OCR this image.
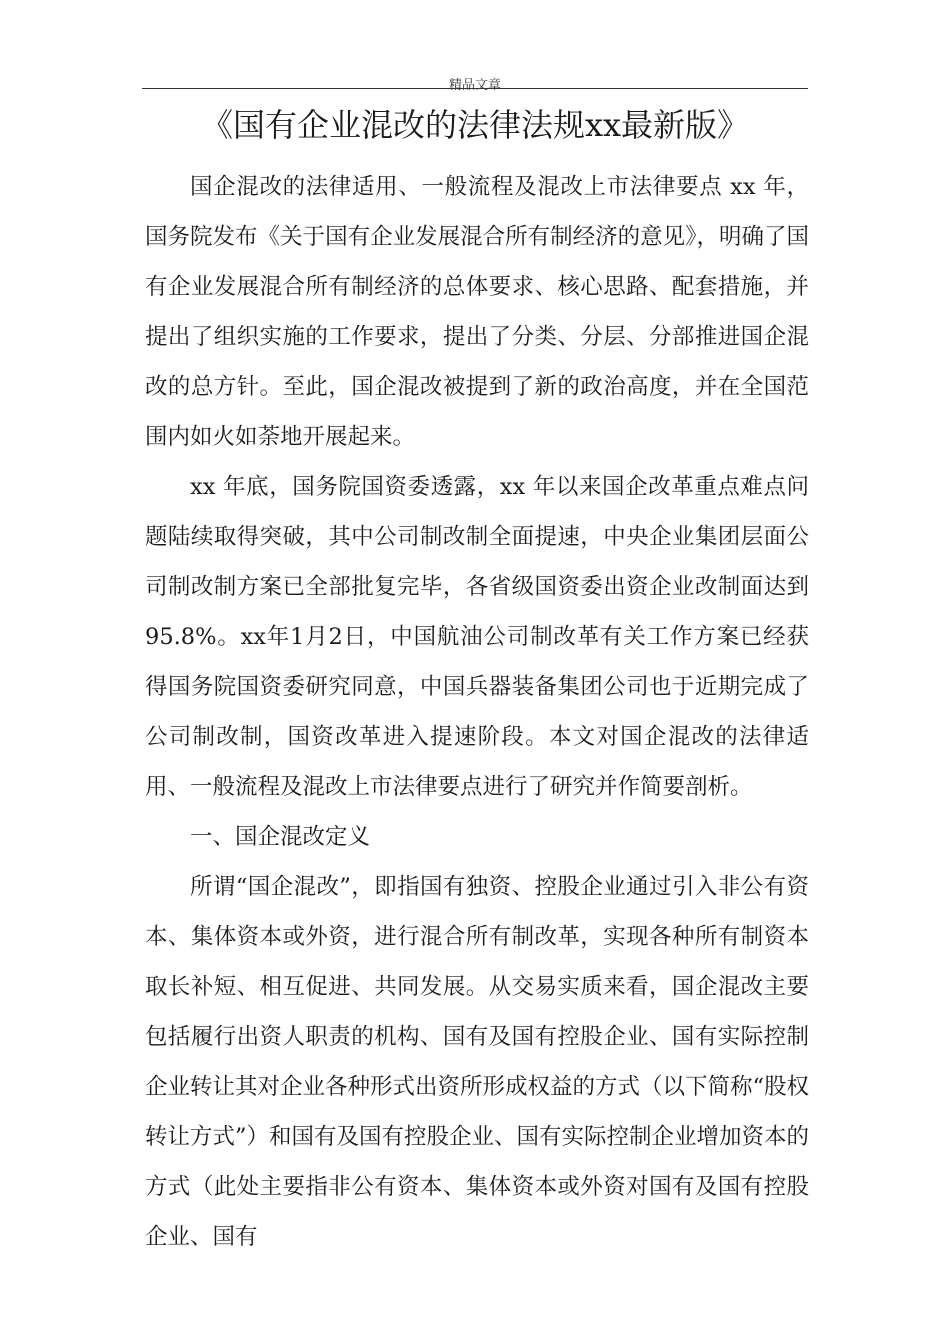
精品文章
《国有企业混改的法律法规xx最新版》

国企混改的法律适用、一般流程及混改上市法律要点 xx 年，国务院发布《关于国有企业发展混合所有制经济的意见》，明确了国有企业发展混合所有制经济的总体要求、核心思路、配套措施，并提出了组织实施的工作要求，提出了分类、分层、分部推进国企混改的总方针。至此，国企混改被提到了新的政治高度，并在全国范围内如火如荼地开展起来。

xx 年底，国务院国资委透露，xx 年以来国企改革重点难点问题陆续取得突破，其中公司制改制全面提速，中央企业集团层面公司制改制方案已全部批复完毕，各省级国资委出资企业改制面达到95.8%。xx年1月2日，中国航油公司制改革有关工作方案已经获得国务院国资委研究同意，中国兵器装备集团公司也于近期完成了公司制改制，国资改革进入提速阶段。本文对国企混改的法律适用、一般流程及混改上市法律要点进行了研究并作简要剖析。

一、国企混改定义

所谓“国企混改”，即指国有独资、控股企业通过引入非公有资本、集体资本或外资，进行混合所有制改革，实现各种所有制资本取长补短、相互促进、共同发展。从交易实质来看，国企混改主要包括履行出资人职责的机构、国有及国有控股企业、国有实际控制企业转让其对企业各种形式出资所形成权益的方式（以下简称“股权转让方式”）和国有及国有控股企业、国有实际控制企业增加资本的方式（此处主要指非公有资本、集体资本或外资对国有及国有控股企业、国有
